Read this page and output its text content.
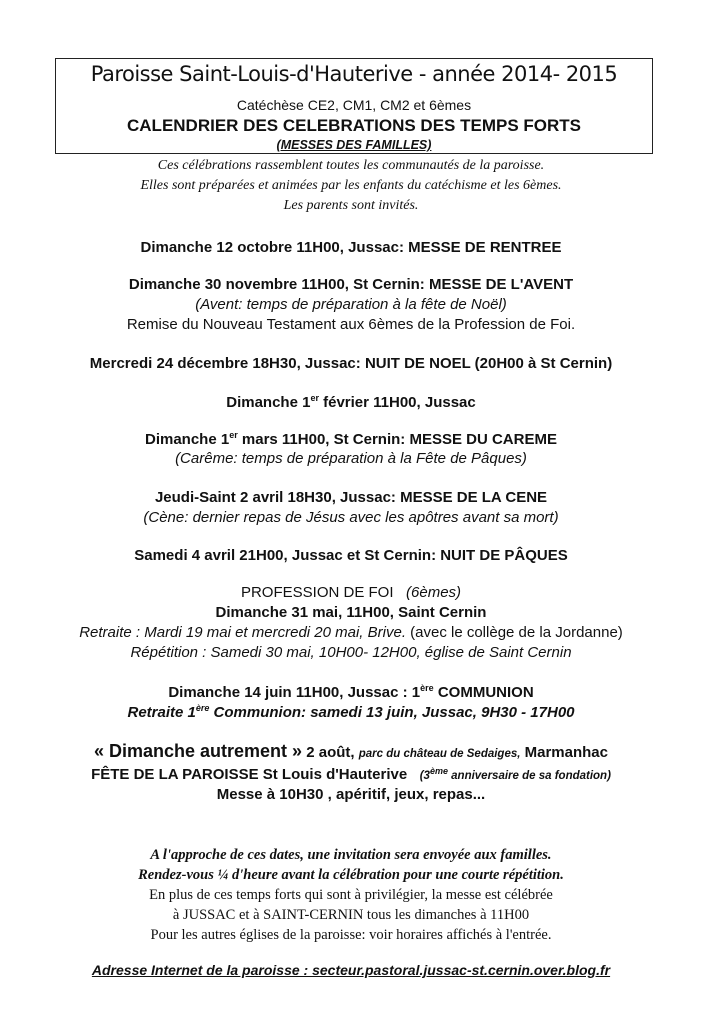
Paroisse Saint-Louis-d'Hauterive - année 2014- 2015
Catéchèse CE2, CM1, CM2 et 6èmes
CALENDRIER DES CELEBRATIONS DES TEMPS FORTS
(MESSES DES FAMILLES)
Ces célébrations rassemblent toutes les communautés de la paroisse.
Elles sont préparées et animées par les enfants du catéchisme et les 6èmes.
Les parents sont invités.
Dimanche 12 octobre 11H00, Jussac: MESSE DE RENTREE
Dimanche 30 novembre 11H00, St Cernin: MESSE DE L'AVENT
(Avent: temps de préparation à la fête de Noël)
Remise du Nouveau Testament aux 6èmes de la Profession de Foi.
Mercredi 24 décembre 18H30, Jussac: NUIT DE NOEL (20H00 à St Cernin)
Dimanche 1er février 11H00, Jussac
Dimanche 1er mars 11H00, St Cernin: MESSE DU CAREME
(Carême: temps de préparation à la Fête de Pâques)
Jeudi-Saint 2 avril 18H30, Jussac: MESSE DE LA CENE
(Cène: dernier repas de Jésus avec les apôtres avant sa mort)
Samedi 4 avril 21H00, Jussac et St Cernin: NUIT DE PÂQUES
PROFESSION DE FOI (6èmes)
Dimanche 31 mai, 11H00, Saint Cernin
Retraite : Mardi 19 mai et mercredi 20 mai, Brive. (avec le collège de la Jordanne)
Répétition : Samedi 30 mai, 10H00- 12H00, église de Saint Cernin
Dimanche 14 juin 11H00, Jussac : 1ère COMMUNION
Retraite 1ère Communion: samedi 13 juin, Jussac, 9H30 - 17H00
« Dimanche autrement » 2 août, parc du château de Sedaiges, Marmanhac
FÊTE DE LA PAROISSE St Louis d'Hauterive (3ème anniversaire de sa fondation)
Messe à 10H30 , apéritif, jeux, repas...
A l'approche de ces dates, une invitation sera envoyée aux familles.
Rendez-vous ¼ d'heure avant la célébration pour une courte répétition.
En plus de ces temps forts qui sont à privilégier, la messe est célébrée
à JUSSAC et à SAINT-CERNIN tous les dimanches à 11H00
Pour les autres églises de la paroisse: voir horaires affichés à l'entrée.
Adresse Internet de la paroisse : secteur.pastoral.jussac-st.cernin.over.blog.fr
